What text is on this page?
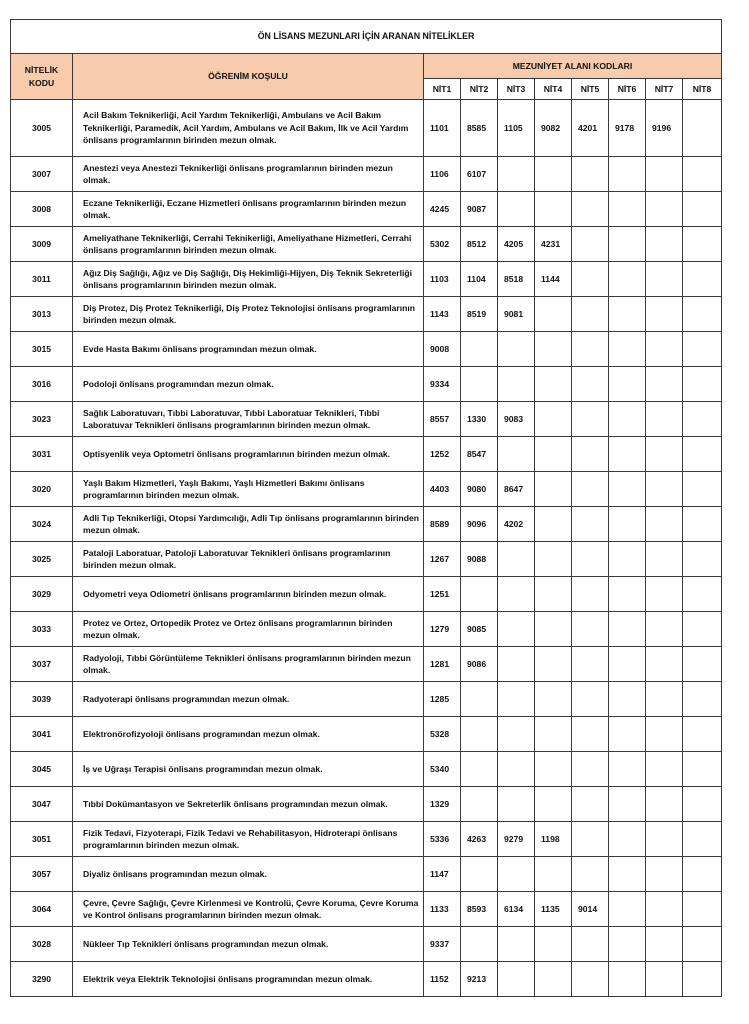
ÖN LİSANS MEZUNLARI İÇİN ARANAN NİTELİKLER									
NİTELİK KODU	ÖĞRENİM KOŞULU	MEZUNİYET ALANI KODLARI							
		NİT1	NİT2	NİT3	NİT4	NİT5	NİT6	NİT7	NİT8
3005	Acil Bakım Teknikerliği, Acil Yardım Teknikerliği, Ambulans ve Acil Bakım Teknikerliği, Paramedik, Acil Yardım, Ambulans ve Acil Bakım, İlk ve Acil Yardım önlisans programlarının birinden mezun olmak.	1101	8585	1105	9082	4201	9178	9196	
3007	Anestezi veya Anestezi Teknikerliği önlisans programlarının birinden mezun olmak.	1106	6107						
3008	Eczane Teknikerliği, Eczane Hizmetleri önlisans programlarının birinden mezun olmak.	4245	9087						
3009	Ameliyathane Teknikerliği, Cerrahi Teknikerliği, Ameliyathane Hizmetleri, Cerrahi önlisans programlarının birinden mezun olmak.	5302	8512	4205	4231				
3011	Ağız Diş Sağlığı, Ağız ve Diş Sağlığı, Diş Hekimliği-Hijyen, Diş Teknik Sekreterliği önlisans programlarının birinden mezun olmak.	1103	1104	8518	1144				
3013	Diş Protez, Diş Protez Teknikerliği, Diş Protez Teknolojisi önlisans programlarının birinden mezun olmak.	1143	8519	9081					
3015	Evde Hasta Bakımı önlisans programından mezun olmak.	9008							
3016	Podoloji önlisans programından mezun olmak.	9334							
3023	Sağlık Laboratuvarı, Tıbbi Laboratuvar, Tıbbi Laboratuar Teknikleri, Tıbbi Laboratuvar Teknikleri önlisans programlarının birinden mezun olmak.	8557	1330	9083					
3031	Optisyenlik veya Optometri önlisans programlarının birinden mezun olmak.	1252	8547						
3020	Yaşlı Bakım Hizmetleri, Yaşlı Bakımı, Yaşlı Hizmetleri Bakımı önlisans programlarının birinden mezun olmak.	4403	9080	8647					
3024	Adli Tıp Teknikerliği, Otopsi Yardımcılığı, Adli Tıp önlisans programlarının birinden mezun olmak.	8589	9096	4202					
3025	Pataloji Laboratuar, Patoloji Laboratuvar Teknikleri önlisans programlarının birinden mezun olmak.	1267	9088						
3029	Odyometri veya Odiometri önlisans programlarının birinden mezun olmak.	1251							
3033	Protez ve Ortez, Ortopedik Protez ve Ortez önlisans programlarının birinden mezun olmak.	1279	9085						
3037	Radyoloji, Tıbbi Görüntüleme Teknikleri önlisans programlarının birinden mezun olmak.	1281	9086						
3039	Radyoterapi önlisans programından mezun olmak.	1285							
3041	Elektronörofizyoloji önlisans programından mezun olmak.	5328							
3045	İş ve Uğraşı Terapisi önlisans programından mezun olmak.	5340							
3047	Tıbbi Dokümantasyon ve Sekreterlik önlisans programından mezun olmak.	1329							
3051	Fizik Tedavi, Fizyoterapi, Fizik Tedavi ve Rehabilitasyon, Hidroterapi önlisans programlarının birinden mezun olmak.	5336	4263	9279	1198				
3057	Diyaliz önlisans programından mezun olmak.	1147							
3064	Çevre, Çevre Sağlığı, Çevre Kirlenmesi ve Kontrolü, Çevre Koruma, Çevre Koruma ve Kontrol önlisans programlarının birinden mezun olmak.	1133	8593	6134	1135	9014			
3028	Nükleer Tıp Teknikleri önlisans programından mezun olmak.	9337							
3290	Elektrik veya Elektrik Teknolojisi önlisans programından mezun olmak.	1152	9213						
